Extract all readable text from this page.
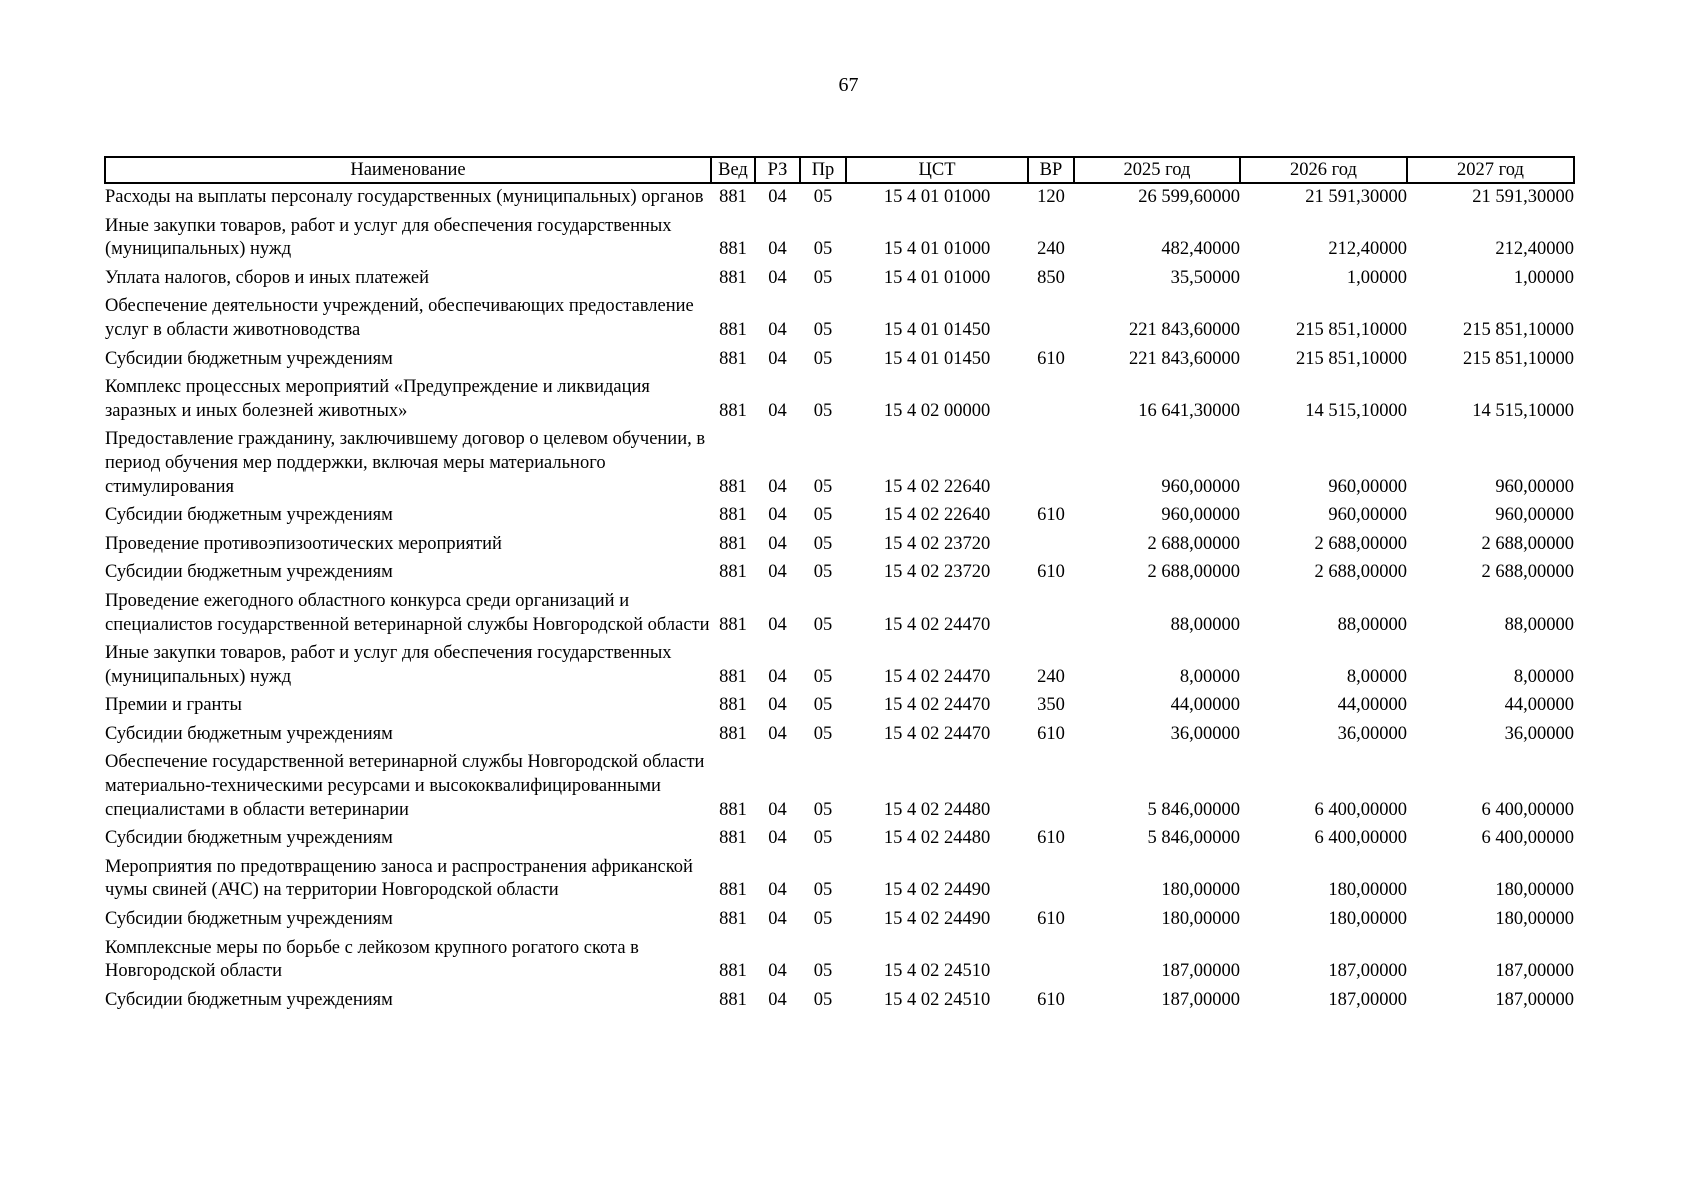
67
Наименование	Вед	РЗ	Пр	ЦСТ	ВР	2025 год	2026 год	2027 год
Расходы на выплаты персоналу государственных (муниципальных) органов	881	04	05	15 4 01 01000	120	26 599,60000	21 591,30000	21 591,30000
Иные закупки товаров, работ и услуг для обеспечения государственных (муниципальных) нужд	881	04	05	15 4 01 01000	240	482,40000	212,40000	212,40000
Уплата налогов, сборов и иных платежей	881	04	05	15 4 01 01000	850	35,50000	1,00000	1,00000
Обеспечение деятельности учреждений, обеспечивающих предоставление услуг в области животноводства	881	04	05	15 4 01 01450		221 843,60000	215 851,10000	215 851,10000
Субсидии бюджетным учреждениям	881	04	05	15 4 01 01450	610	221 843,60000	215 851,10000	215 851,10000
Комплекс процессных мероприятий «Предупреждение и ликвидация заразных и иных болезней животных»	881	04	05	15 4 02 00000		16 641,30000	14 515,10000	14 515,10000
Предоставление гражданину, заключившему договор о целевом обучении, в период обучения мер поддержки, включая меры материального стимулирования	881	04	05	15 4 02 22640		960,00000	960,00000	960,00000
Субсидии бюджетным учреждениям	881	04	05	15 4 02 22640	610	960,00000	960,00000	960,00000
Проведение противоэпизоотических мероприятий	881	04	05	15 4 02 23720		2 688,00000	2 688,00000	2 688,00000
Субсидии бюджетным учреждениям	881	04	05	15 4 02 23720	610	2 688,00000	2 688,00000	2 688,00000
Проведение ежегодного областного конкурса среди организаций и специалистов государственной ветеринарной службы Новгородской области	881	04	05	15 4 02 24470		88,00000	88,00000	88,00000
Иные закупки товаров, работ и услуг для обеспечения государственных (муниципальных) нужд	881	04	05	15 4 02 24470	240	8,00000	8,00000	8,00000
Премии и гранты	881	04	05	15 4 02 24470	350	44,00000	44,00000	44,00000
Субсидии бюджетным учреждениям	881	04	05	15 4 02 24470	610	36,00000	36,00000	36,00000
Обеспечение государственной ветеринарной службы Новгородской области материально-техническими ресурсами и высококвалифицированными специалистами в области ветеринарии	881	04	05	15 4 02 24480		5 846,00000	6 400,00000	6 400,00000
Субсидии бюджетным учреждениям	881	04	05	15 4 02 24480	610	5 846,00000	6 400,00000	6 400,00000
Мероприятия по предотвращению заноса и распространения африканской чумы свиней (АЧС) на территории Новгородской области	881	04	05	15 4 02 24490		180,00000	180,00000	180,00000
Субсидии бюджетным учреждениям	881	04	05	15 4 02 24490	610	180,00000	180,00000	180,00000
Комплексные меры по борьбе с лейкозом крупного рогатого скота в Новгородской области	881	04	05	15 4 02 24510		187,00000	187,00000	187,00000
Субсидии бюджетным учреждениям	881	04	05	15 4 02 24510	610	187,00000	187,00000	187,00000
